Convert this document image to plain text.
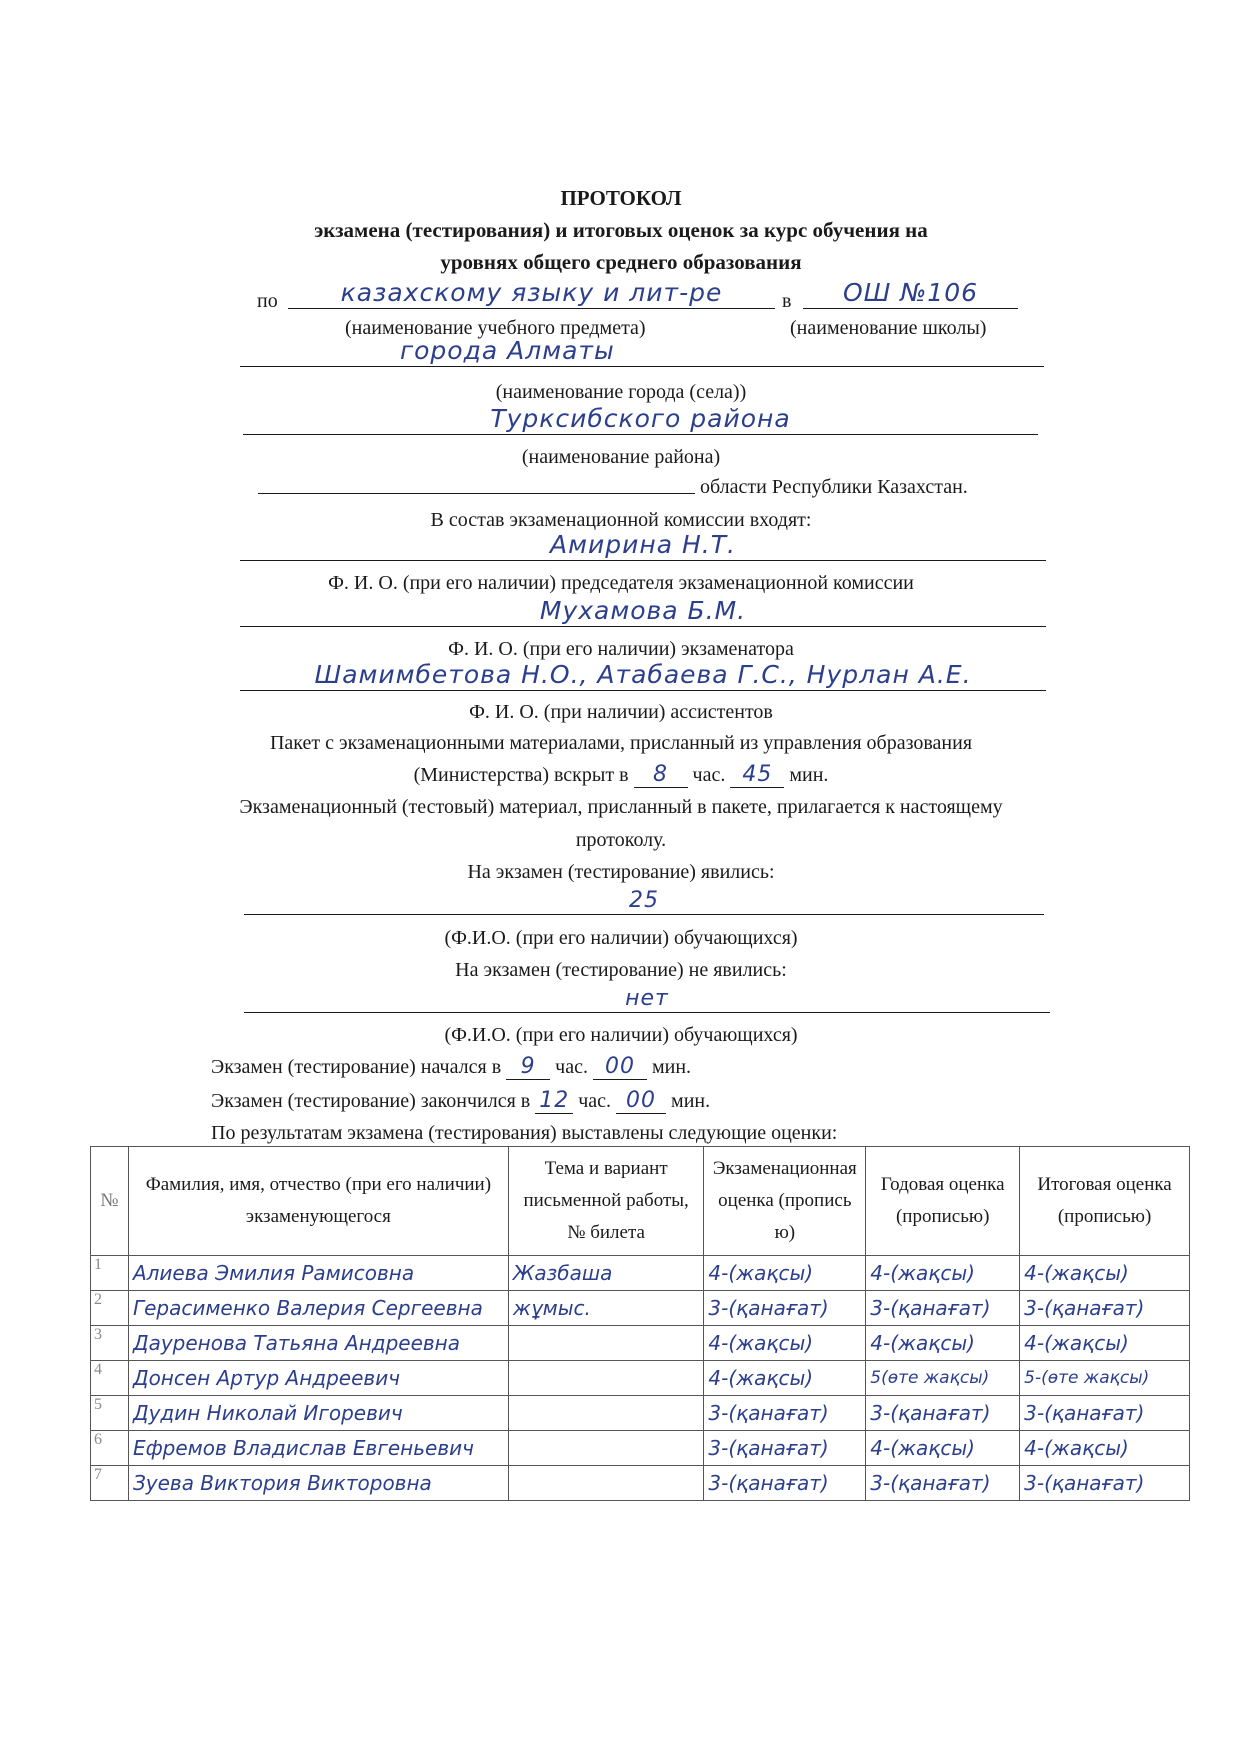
ПРОТОКОЛ
экзамена (тестирования) и итоговых оценок за курс обучения на
уровнях общего среднего образования
по	казахскому языку и лит-ре	в	ОШ №106
(наименование учебного предмета)	(наименование школы)
города Алматы
(наименование города (села))
Турксибского района
(наименование района)
области Республики Казахстан.
В состав экзаменационной комиссии входят:
Амирина Н.Т.
Ф. И. О. (при его наличии) председателя экзаменационной комиссии
Мухамова Б.М.
Ф. И. О. (при его наличии) экзаменатора
Шамимбетова Н.О., Атабаева Г.С., Нурлан А.Е.
Ф. И. О. (при наличии) ассистентов
Пакет с экзаменационными материалами, присланный из управления образования
(Министерства) вскрыт в 8 час. 45 мин.
Экзаменационный (тестовый) материал, присланный в пакете, прилагается к настоящему
протоколу.
На экзамен (тестирование) явились:
25
(Ф.И.О. (при его наличии) обучающихся)
На экзамен (тестирование) не явились:
нет
(Ф.И.О. (при его наличии) обучающихся)
Экзамен (тестирование) начался в 9 час. 00 мин.
Экзамен (тестирование) закончился в 12 час. 00 мин.
По результатам экзамена (тестирования) выставлены следующие оценки:
№	Фамилия, имя, отчество (при его наличии) экзаменующегося	Тема и вариант письменной работы, № билета	Экзаменационная оценка (прописью)	Годовая оценка (прописью)	Итоговая оценка (прописью)
1	Алиева Эмилия Рамисовна	Жазбаша	4-(жақсы)	4-(жақсы)	4-(жақсы)

2	Герасименко Валерия Сергеевна	жұмыс.	3-(қанағат)	3-(қанағат)	3-(қанағат)

3	Дауренова Татьяна Андреевна		4-(жақсы)	4-(жақсы)	4-(жақсы)

4	Донсен Артур Андреевич		4-(жақсы)	5(өте жақсы)	5-(өте жақсы)

5	Дудин Николай Игоревич		3-(қанағат)	3-(қанағат)	3-(қанағат)

6	Ефремов Владислав Евгеньевич		3-(қанағат)	4-(жақсы)	4-(жақсы)

7	Зуева Виктория Викторовна		3-(қанағат)	3-(қанағат)	3-(қанағат)
